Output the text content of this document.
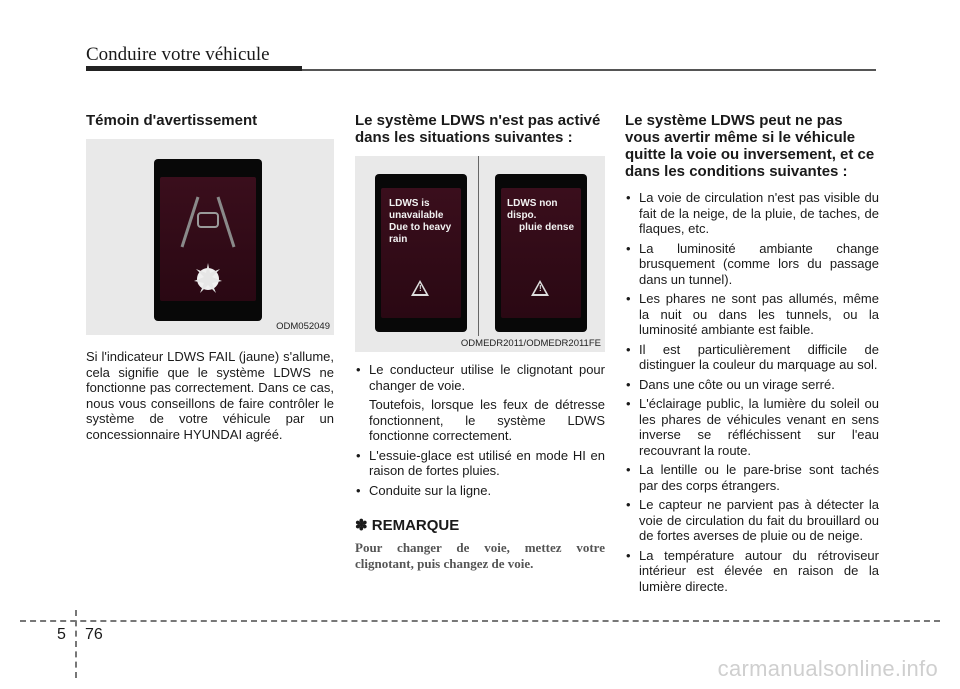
Conduire votre véhicule
Témoin d'avertissement
ODM052049

Si l'indicateur LDWS FAIL (jaune) s'allume, cela signifie que le système LDWS ne fonctionne pas correctement. Dans ce cas, nous vous conseillons de faire contrôler le système de votre véhicule par un concessionnaire HYUNDAI agréé.

Le système LDWS n'est pas activé dans les situations suivantes :
LDWS is
unavailable
Due to heavy rain
!
LDWS non dispo.
pluie dense
!
ODMEDR2011/ODMEDR2011FE
• Le conducteur utilise le clignotant pour changer de voie.
Toutefois, lorsque les feux de détresse fonctionnent, le système LDWS fonctionne correctement.
• L'essuie-glace est utilisé en mode HI en raison de fortes pluies.
• Conduite sur la ligne.
✽ REMARQUE
Pour changer de voie, mettez votre clignotant, puis changez de voie.
Le système LDWS peut ne pas vous avertir même si le véhicule quitte la voie ou inversement, et ce dans les conditions suivantes :
• La voie de circulation n'est pas visible du fait de la neige, de la pluie, de taches, de flaques, etc.
• La luminosité ambiante change brusquement (comme lors du passage dans un tunnel).
• Les phares ne sont pas allumés, même la nuit ou dans les tunnels, ou la luminosité ambiante est faible.
• Il est particulièrement difficile de distinguer la couleur du marquage au sol.
• Dans une côte ou un virage serré.
• L'éclairage public, la lumière du soleil ou les phares de véhicules venant en sens inverse se réfléchissent sur l'eau recouvrant la route.
• La lentille ou le pare-brise sont tachés par des corps étrangers.
• Le capteur ne parvient pas à détecter la voie de circulation du fait du brouillard ou de fortes averses de pluie ou de neige.
• La température autour du rétroviseur intérieur est élevée en raison de la lumière directe.
5 76
carmanualsonline.info
